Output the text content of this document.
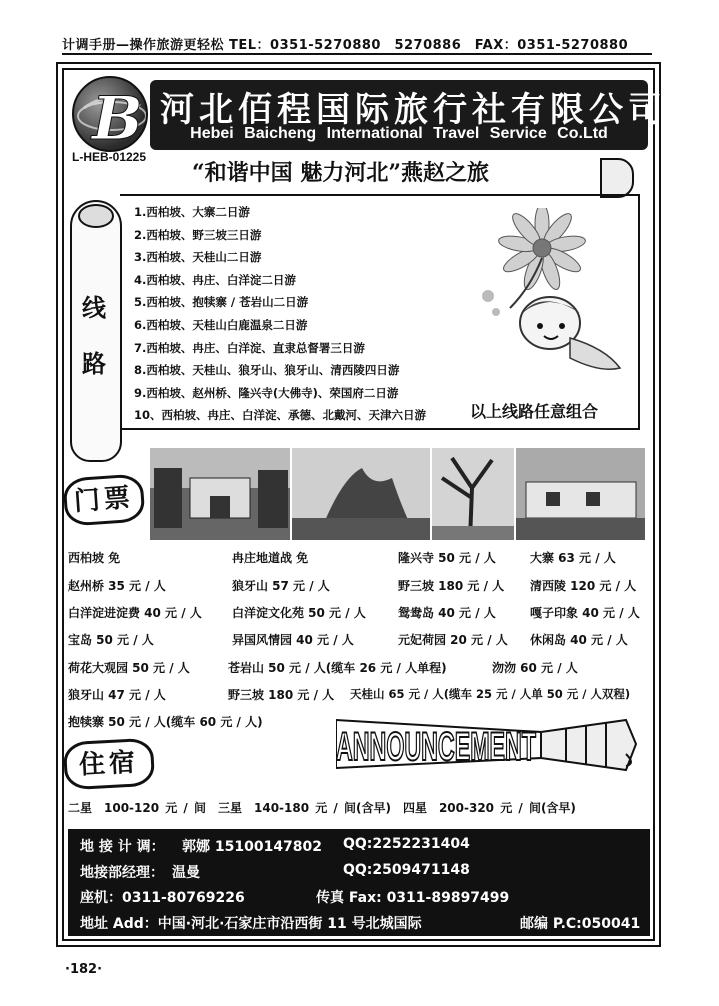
计调手册—操作旅游更轻松 TEL：0351-5270880　5270886　FAX：0351-5270880
B 河北佰程国际旅行社有限公司
Hebei Baicheng International Travel Service Co.Ltd
L-HEB-01225
“和谐中国 魅力河北”燕赵之旅
线
路
1.西柏坡、大寨二日游
2.西柏坡、野三坡三日游
3.西柏坡、天桂山二日游
4.西柏坡、冉庄、白洋淀二日游
5.西柏坡、抱犊寨 / 苍岩山二日游
6.西柏坡、天桂山白鹿温泉二日游
7.西柏坡、冉庄、白洋淀、直隶总督署三日游
8.西柏坡、天桂山、狼牙山、狼牙山、清西陵四日游
9.西柏坡、赵州桥、隆兴寺(大佛寺)、荣国府二日游
10、西柏坡、冉庄、白洋淀、承德、北戴河、天津六日游	以上线路任意组合
门票
西柏坡 免	冉庄地道战 免	隆兴寺 50 元 / 人	大寨 63 元 / 人
赵州桥 35 元 / 人	狼牙山 57 元 / 人	野三坡 180 元 / 人 清西陵 120 元 / 人
白洋淀进淀费 40 元 / 人	白洋淀文化苑 50 元 / 人	鸳鸯岛 40 元 / 人	嘎子印象 40 元 / 人
宝岛 50 元 / 人	异国风情园 40 元 / 人	元妃荷园 20 元 / 人 休闲岛 40 元 / 人
荷花大观园 50 元 / 人	苍岩山 50 元 / 人(缆车 26 元 / 人单程)	沕沕 60 元 / 人
狼牙山 47 元 / 人	野三坡 180 元 / 人 天桂山 65 元 / 人(缆车 25 元 / 人单 50 元 / 人双程)
抱犊寨 50 元 / 人(缆车 60 元 / 人)
ANNOUNCEMENT
住宿
二星　100-120 元 / 间　三星　140-180 元 / 间(含早)　四星　200-320 元 / 间(含早)
地 接 计 调： 郭娜 15100147802 QQ:2252231404
地接部经理： 温曼	QQ:2509471148
座机：0311-80769226	传真 Fax: 0311-89897499
地址 Add：中国·河北·石家庄市沿西街 11 号北城国际	邮编 P.C:050041
·182·
